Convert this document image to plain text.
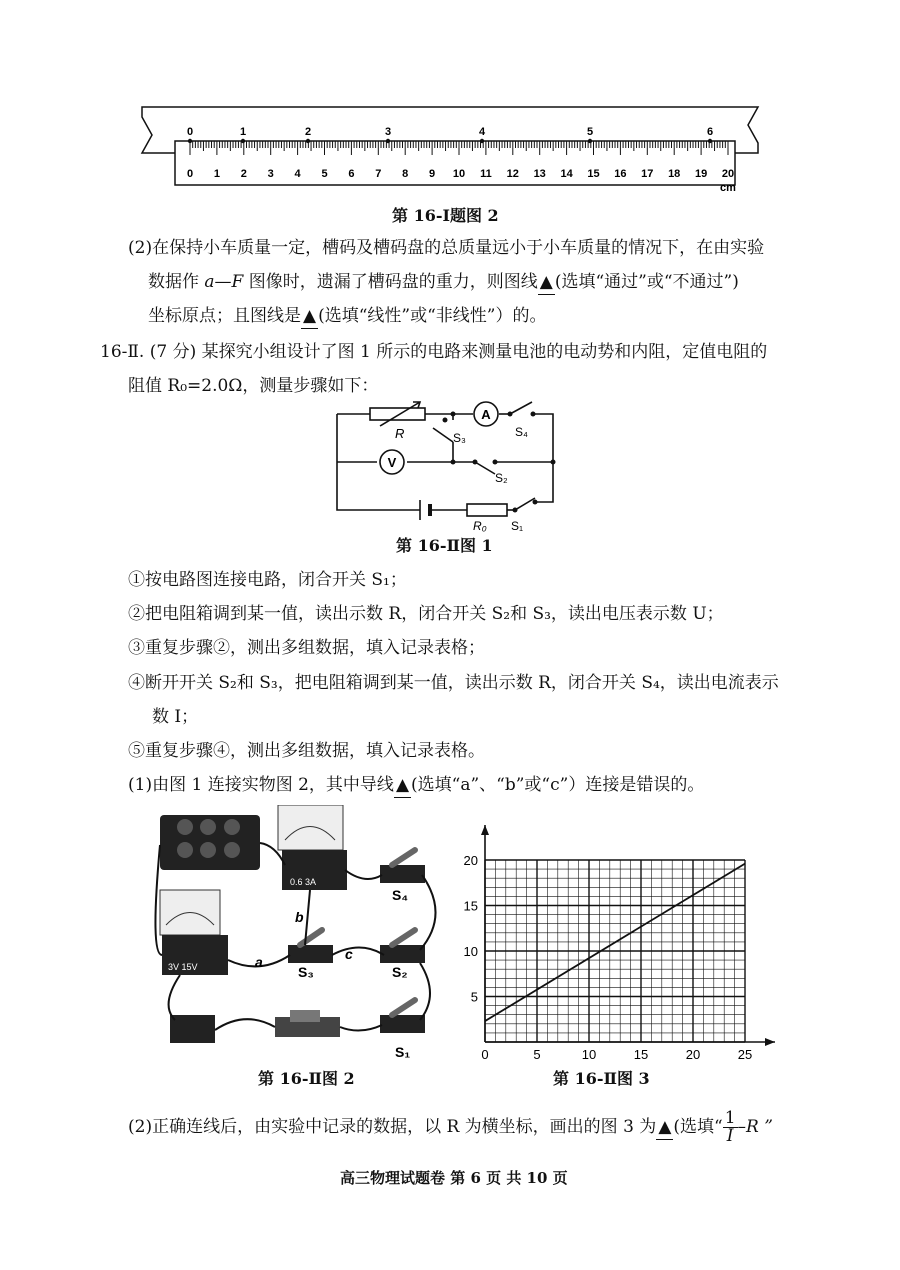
0	1	2	3	4	5	6
0 1 2 3 4 5 6 7 8 9 10 11 12 13 14 15 16 17 18 19 20
cm
第 16-Ⅰ题图 2
(2)在保持小车质量一定，槽码及槽码盘的总质量远小于小车质量的情况下，在由实验
数据作 a—F 图像时，遗漏了槽码盘的重力，则图线 ▲ (选填“通过”或“不通过”)
坐标原点；且图线是 ▲ (选填“线性”或“非线性”）的。
16-Ⅱ. (7 分) 某探究小组设计了图 1 所示的电路来测量电池的电动势和内阻，定值电阻的
阻值 R₀=2.0Ω，测量步骤如下：
A
V
R	S₃	S₄
S₂
R₀ S₁
第 16-Ⅱ图 1
①按电路图连接电路，闭合开关 S₁；
②把电阻箱调到某一值，读出示数 R，闭合开关 S₂和 S₃，读出电压表示数 U；
③重复步骤②，测出多组数据，填入记录表格；
④断开开关 S₂和 S₃，把电阻箱调到某一值，读出示数 R，闭合开关 S₄，读出电流表示
数 I；
⑤重复步骤④，测出多组数据，填入记录表格。
(1)由图 1 连接实物图 2，其中导线 ▲ (选填“a”、“b”或“c”）连接是错误的。
0.6 3A
3V 15V
S₄
S₃	S₂
S₁
a
b
c
第 16-Ⅱ图 2
0	5	10	15	20	25
5
10
15
20
第 16-Ⅱ图 3
(2)正确连线后，由实验中记录的数据，以 R 为横坐标，画出的图 3 为 ▲ (选填“ $\frac{1}{I} -R$ ”
高三物理试题卷 第 6 页 共 10 页
